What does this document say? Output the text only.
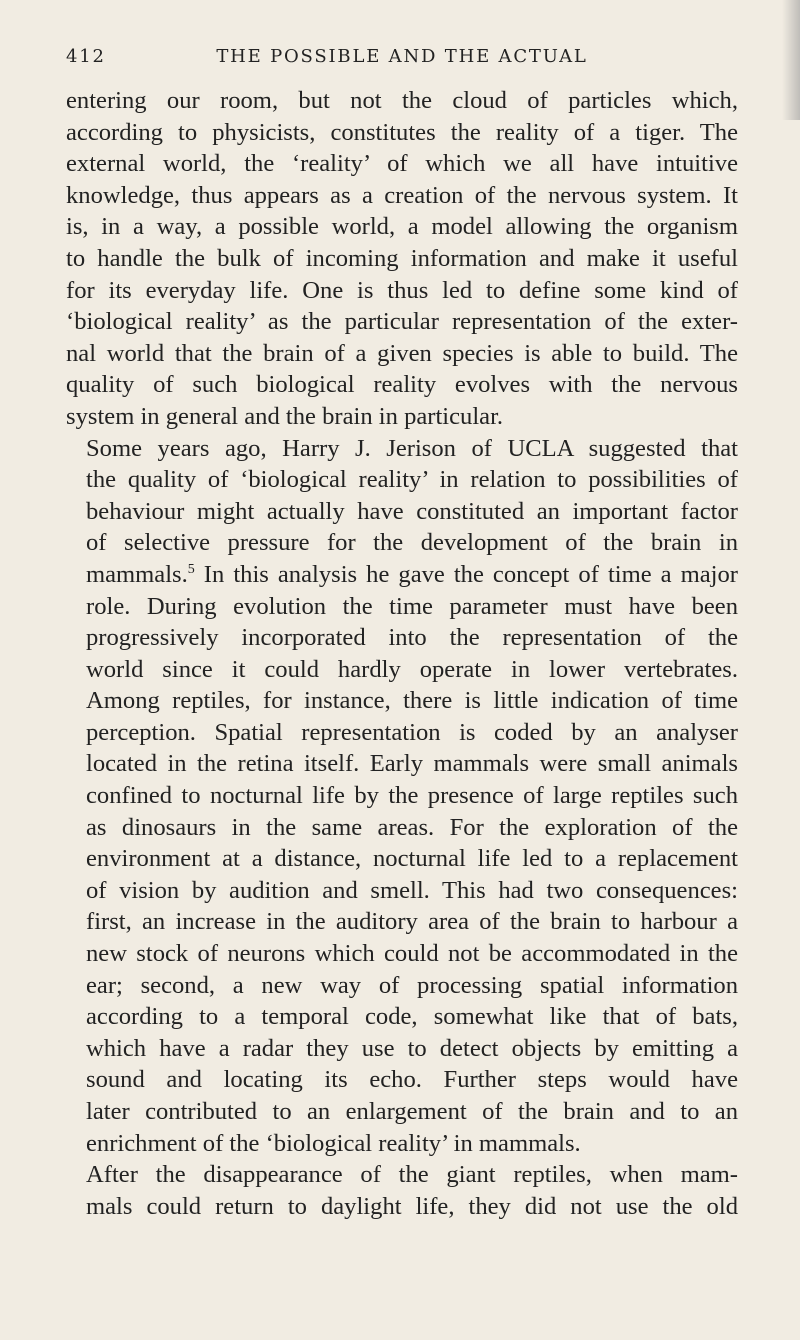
412	THE POSSIBLE AND THE ACTUAL

entering our room, but not the cloud of particles which,
according to physicists, constitutes the reality of a tiger. The
external world, the ‘reality’ of which we all have intuitive
knowledge, thus appears as a creation of the nervous system. It
is, in a way, a possible world, a model allowing the organism
to handle the bulk of incoming information and make it useful
for its everyday life. One is thus led to define some kind of
‘biological reality’ as the particular representation of the exter-
nal world that the brain of a given species is able to build. The
quality of such biological reality evolves with the nervous
system in general and the brain in particular.

Some years ago, Harry J. Jerison of UCLA suggested that
the quality of ‘biological reality’ in relation to possibilities of
behaviour might actually have constituted an important factor
of selective pressure for the development of the brain in
mammals.$^5$ In this analysis he gave the concept of time a major
role. During evolution the time parameter must have been
progressively incorporated into the representation of the
world since it could hardly operate in lower vertebrates.
Among reptiles, for instance, there is little indication of time
perception. Spatial representation is coded by an analyser
located in the retina itself. Early mammals were small animals
confined to nocturnal life by the presence of large reptiles such
as dinosaurs in the same areas. For the exploration of the
environment at a distance, nocturnal life led to a replacement
of vision by audition and smell. This had two consequences:
first, an increase in the auditory area of the brain to harbour a
new stock of neurons which could not be accommodated in the
ear; second, a new way of processing spatial information
according to a temporal code, somewhat like that of bats,
which have a radar they use to detect objects by emitting a
sound and locating its echo. Further steps would have
later contributed to an enlargement of the brain and to an
enrichment of the ‘biological reality’ in mammals.

After the disappearance of the giant reptiles, when mam-
mals could return to daylight life, they did not use the old
